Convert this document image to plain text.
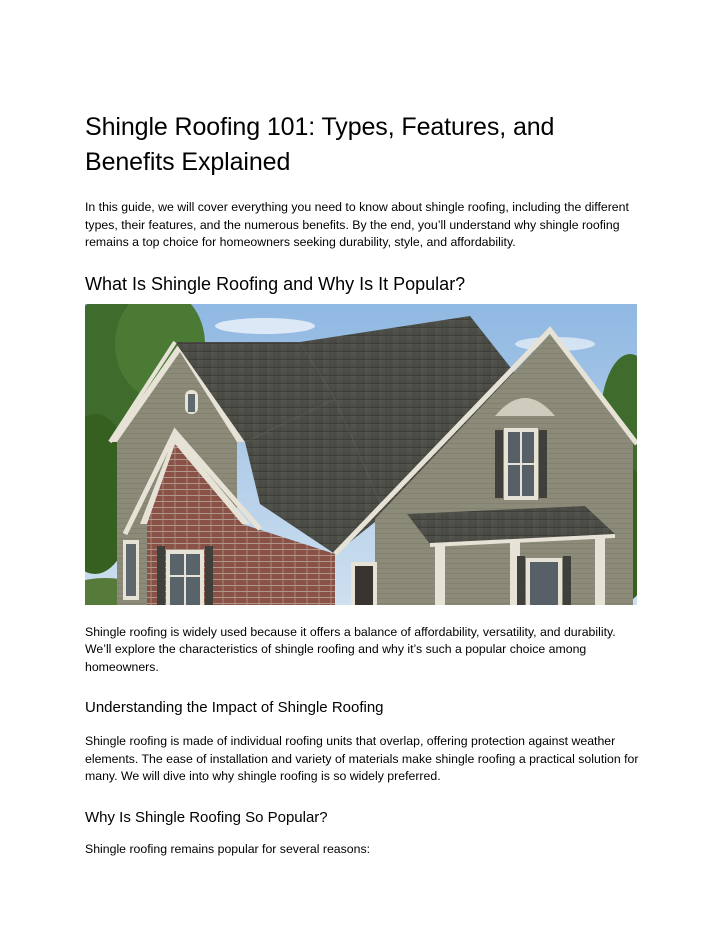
Shingle Roofing 101: Types, Features, and Benefits Explained

In this guide, we will cover everything you need to know about shingle roofing, including the different types, their features, and the numerous benefits. By the end, you’ll understand why shingle roofing remains a top choice for homeowners seeking durability, style, and affordability.

What Is Shingle Roofing and Why Is It Popular?

Shingle roofing is widely used because it offers a balance of affordability, versatility, and durability. We’ll explore the characteristics of shingle roofing and why it’s such a popular choice among homeowners.

Understanding the Impact of Shingle Roofing

Shingle roofing is made of individual roofing units that overlap, offering protection against weather elements. The ease of installation and variety of materials make shingle roofing a practical solution for many. We will dive into why shingle roofing is so widely preferred.

Why Is Shingle Roofing So Popular?

Shingle roofing remains popular for several reasons:
